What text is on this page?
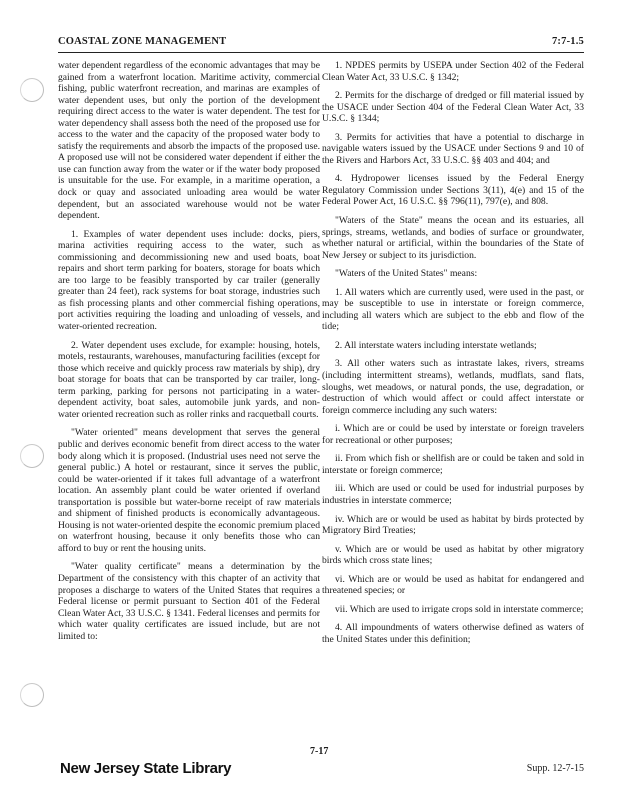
COASTAL ZONE MANAGEMENT	7:7-1.5

water dependent regardless of the economic advantages that may be gained from a waterfront location. Maritime activity, commercial fishing, public waterfront recreation, and marinas are examples of water dependent uses, but only the portion of the development requiring direct access to the water is water dependent. The test for water dependency shall assess both the need of the proposed use for access to the water and the capacity of the proposed water body to satisfy the requirements and absorb the impacts of the proposed use. A proposed use will not be considered water dependent if either the use can function away from the water or if the water body proposed is unsuitable for the use. For example, in a maritime operation, a dock or quay and associated unloading area would be water dependent, but an associated warehouse would not be water dependent.

1. Examples of water dependent uses include: docks, piers, marina activities requiring access to the water, such as commissioning and decommissioning new and used boats, boat repairs and short term parking for boaters, storage for boats which are too large to be feasibly transported by car trailer (generally greater than 24 feet), rack systems for boat storage, industries such as fish processing plants and other commercial fishing operations, port activities requiring the loading and unloading of vessels, and water-oriented recreation.

2. Water dependent uses exclude, for example: housing, hotels, motels, restaurants, warehouses, manufacturing facilities (except for those which receive and quickly process raw materials by ship), dry boat storage for boats that can be transported by car trailer, long-term parking, parking for persons not participating in a water-dependent activity, boat sales, automobile junk yards, and non-water oriented recreation such as roller rinks and racquetball courts.

"Water oriented" means development that serves the general public and derives economic benefit from direct access to the water body along which it is proposed. (Industrial uses need not serve the general public.) A hotel or restaurant, since it serves the public, could be water-oriented if it takes full advantage of a waterfront location. An assembly plant could be water oriented if overland transportation is possible but water-borne receipt of raw materials and shipment of finished products is economically advantageous. Housing is not water-oriented despite the economic premium placed on waterfront housing, because it only benefits those who can afford to buy or rent the housing units.

"Water quality certificate" means a determination by the Department of the consistency with this chapter of an activity that proposes a discharge to waters of the United States that requires a Federal license or permit pursuant to Section 401 of the Federal Clean Water Act, 33 U.S.C. § 1341. Federal licenses and permits for which water quality certificates are issued include, but are not limited to:

1. NPDES permits by USEPA under Section 402 of the Federal Clean Water Act, 33 U.S.C. § 1342;

2. Permits for the discharge of dredged or fill material issued by the USACE under Section 404 of the Federal Clean Water Act, 33 U.S.C. § 1344;

3. Permits for activities that have a potential to discharge in navigable waters issued by the USACE under Sections 9 and 10 of the Rivers and Harbors Act, 33 U.S.C. §§ 403 and 404; and

4. Hydropower licenses issued by the Federal Energy Regulatory Commission under Sections 3(11), 4(e) and 15 of the Federal Power Act, 16 U.S.C. §§ 796(11), 797(e), and 808.

"Waters of the State" means the ocean and its estuaries, all springs, streams, wetlands, and bodies of surface or groundwater, whether natural or artificial, within the boundaries of the State of New Jersey or subject to its jurisdiction.

"Waters of the United States" means:

1. All waters which are currently used, were used in the past, or may be susceptible to use in interstate or foreign commerce, including all waters which are subject to the ebb and flow of the tide;

2. All interstate waters including interstate wetlands;

3. All other waters such as intrastate lakes, rivers, streams (including intermittent streams), wetlands, mudflats, sand flats, sloughs, wet meadows, or natural ponds, the use, degradation, or destruction of which would affect or could affect interstate or foreign commerce including any such waters:

i. Which are or could be used by interstate or foreign travelers for recreational or other purposes;

ii. From which fish or shellfish are or could be taken and sold in interstate or foreign commerce;

iii. Which are used or could be used for industrial purposes by industries in interstate commerce;

iv. Which are or would be used as habitat by birds protected by Migratory Bird Treaties;

v. Which are or would be used as habitat by other migratory birds which cross state lines;

vi. Which are or would be used as habitat for endangered and threatened species; or

vii. Which are used to irrigate crops sold in interstate commerce;

4. All impoundments of waters otherwise defined as waters of the United States under this definition;

New Jersey State Library
7-17
Supp. 12-7-15
